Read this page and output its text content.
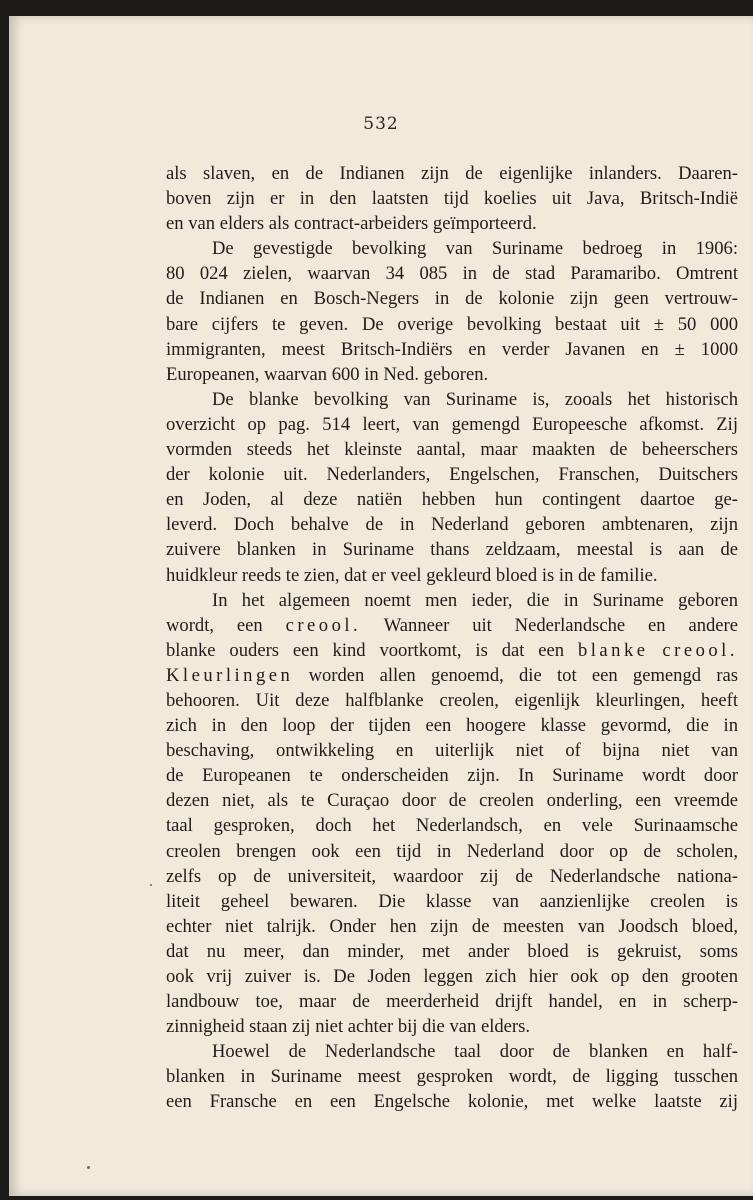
532
als slaven, en de Indianen zijn de eigenlijke inlanders. Daaren-
boven zijn er in den laatsten tijd koelies uit Java, Britsch-Indië
en van elders als contract-arbeiders geïmporteerd.
De gevestigde bevolking van Suriname bedroeg in 1906:
80 024 zielen, waarvan 34 085 in de stad Paramaribo. Omtrent
de Indianen en Bosch-Negers in de kolonie zijn geen vertrouw-
bare cijfers te geven. De overige bevolking bestaat uit ± 50 000
immigranten, meest Britsch-Indiërs en verder Javanen en ± 1000
Europeanen, waarvan 600 in Ned. geboren.
De blanke bevolking van Suriname is, zooals het historisch
overzicht op pag. 514 leert, van gemengd Europeesche afkomst. Zij
vormden steeds het kleinste aantal, maar maakten de beheerschers
der kolonie uit. Nederlanders, Engelschen, Franschen, Duitschers
en Joden, al deze natiën hebben hun contingent daartoe ge-
leverd. Doch behalve de in Nederland geboren ambtenaren, zijn
zuivere blanken in Suriname thans zeldzaam, meestal is aan de
huidkleur reeds te zien, dat er veel gekleurd bloed is in de familie.
In het algemeen noemt men ieder, die in Suriname geboren
wordt, een creool. Wanneer uit Nederlandsche en andere
blanke ouders een kind voortkomt, is dat een blanke creool.
Kleurlingen worden allen genoemd, die tot een gemengd ras
behooren. Uit deze halfblanke creolen, eigenlijk kleurlingen, heeft
zich in den loop der tijden een hoogere klasse gevormd, die in
beschaving, ontwikkeling en uiterlijk niet of bijna niet van
de Europeanen te onderscheiden zijn. In Suriname wordt door
dezen niet, als te Curaçao door de creolen onderling, een vreemde
taal gesproken, doch het Nederlandsch, en vele Surinaamsche
creolen brengen ook een tijd in Nederland door op de scholen,
zelfs op de universiteit, waardoor zij de Nederlandsche nationa-
liteit geheel bewaren. Die klasse van aanzienlijke creolen is
echter niet talrijk. Onder hen zijn de meesten van Joodsch bloed,
dat nu meer, dan minder, met ander bloed is gekruist, soms
ook vrij zuiver is. De Joden leggen zich hier ook op den grooten
landbouw toe, maar de meerderheid drijft handel, en in scherp-
zinnigheid staan zij niet achter bij die van elders.
Hoewel de Nederlandsche taal door de blanken en half-
blanken in Suriname meest gesproken wordt, de ligging tusschen
een Fransche en een Engelsche kolonie, met welke laatste zij
